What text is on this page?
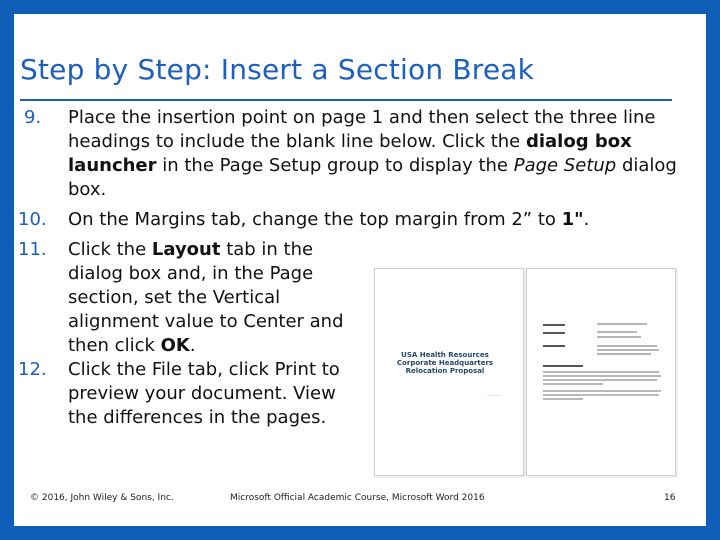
Step by Step: Insert a Section Break
9.	Place the insertion point on page 1 and then select the three line headings to include the blank line below. Click the dialog box launcher in the Page Setup group to display the Page Setup dialog box.

10.	On the Margins tab, change the top margin from 2” to 1".

11.	Click the Layout tab in the dialog box and, in the Page section, set the Vertical alignment value to Center and then click OK.

12.	Click the File tab, click Print to preview your document. View the differences in the pages.

USA Health Resources
Corporate Headquarters
Relocation Proposal
—— ——
© 2016, John Wiley & Sons, Inc.	Microsoft Official Academic Course, Microsoft Word 2016	16
